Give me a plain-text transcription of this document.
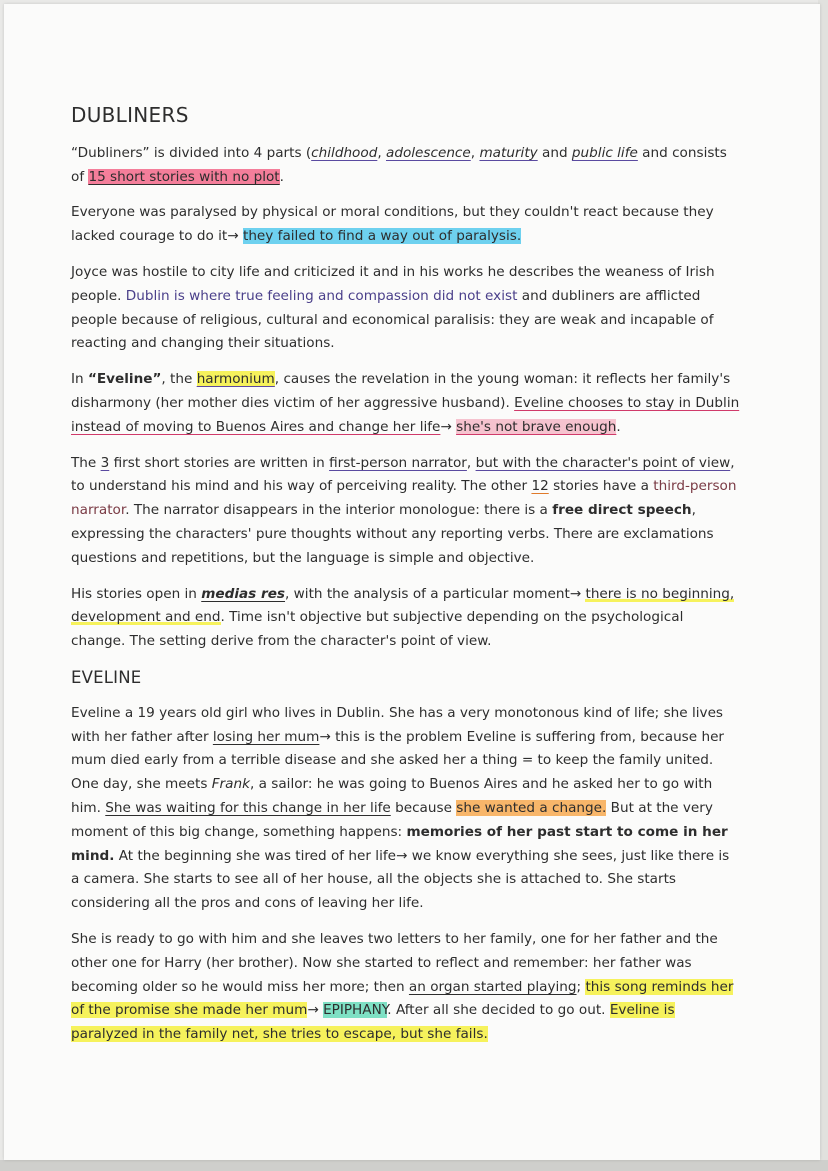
DUBLINERS

“Dubliners” is divided into 4 parts (childhood, adolescence, maturity and public life and consists of 15 short stories with no plot.

Everyone was paralysed by physical or moral conditions, but they couldn't react because they lacked courage to do it→ they failed to find a way out of paralysis.

Joyce was hostile to city life and criticized it and in his works he describes the weaness of Irish people. Dublin is where true feeling and compassion did not exist and dubliners are afflicted people because of religious, cultural and economical paralisis: they are weak and incapable of reacting and changing their situations.

In “Eveline”, the harmonium, causes the revelation in the young woman: it reflects her family's disharmony (her mother dies victim of her aggressive husband). Eveline chooses to stay in Dublin instead of moving to Buenos Aires and change her life→ she's not brave enough.

The 3 first short stories are written in first-person narrator, but with the character's point of view, to understand his mind and his way of perceiving reality. The other 12 stories have a third-person narrator. The narrator disappears in the interior monologue: there is a free direct speech, expressing the characters' pure thoughts without any reporting verbs. There are exclamations questions and repetitions, but the language is simple and objective.

His stories open in medias res, with the analysis of a particular moment→ there is no beginning, development and end. Time isn't objective but subjective depending on the psychological change. The setting derive from the character's point of view.

EVELINE

Eveline a 19 years old girl who lives in Dublin. She has a very monotonous kind of life; she lives with her father after losing her mum→ this is the problem Eveline is suffering from, because her mum died early from a terrible disease and she asked her a thing = to keep the family united. One day, she meets Frank, a sailor: he was going to Buenos Aires and he asked her to go with him. She was waiting for this change in her life because she wanted a change. But at the very moment of this big change, something happens: memories of her past start to come in her mind. At the beginning she was tired of her life→ we know everything she sees, just like there is a camera. She starts to see all of her house, all the objects she is attached to. She starts considering all the pros and cons of leaving her life.

She is ready to go with him and she leaves two letters to her family, one for her father and the other one for Harry (her brother). Now she started to reflect and remember: her father was becoming older so he would miss her more; then an organ started playing; this song reminds her of the promise she made her mum→ EPIPHANY. After all she decided to go out. Eveline is paralyzed in the family net, she tries to escape, but she fails.
